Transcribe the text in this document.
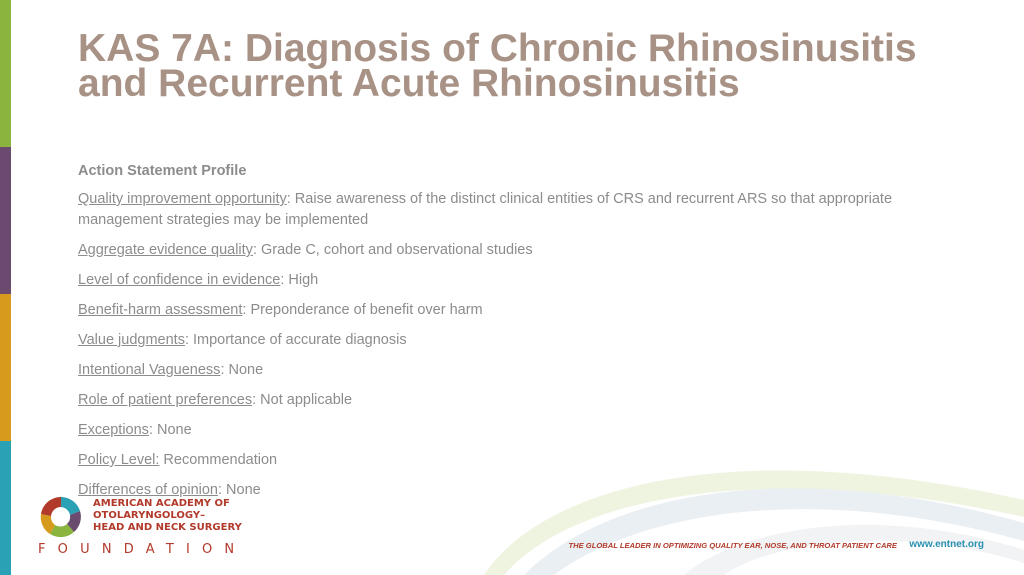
KAS 7A: Diagnosis of Chronic Rhinosinusitis and Recurrent Acute Rhinosinusitis
Action Statement Profile
Quality improvement opportunity: Raise awareness of the distinct clinical entities of CRS and recurrent ARS so that appropriate management strategies may be implemented
Aggregate evidence quality: Grade C, cohort and observational studies
Level of confidence in evidence: High
Benefit-harm assessment: Preponderance of benefit over harm
Value judgments: Importance of accurate diagnosis
Intentional Vagueness: None
Role of patient preferences: Not applicable
Exceptions: None
Policy Level: Recommendation
Differences of opinion: None
AMERICAN ACADEMY OF
OTOLARYNGOLOGY–
HEAD AND NECK SURGERY
FOUNDATION	THE GLOBAL LEADER IN OPTIMIZING QUALITY EAR, NOSE, AND THROAT PATIENT CARE www.entnet.org
